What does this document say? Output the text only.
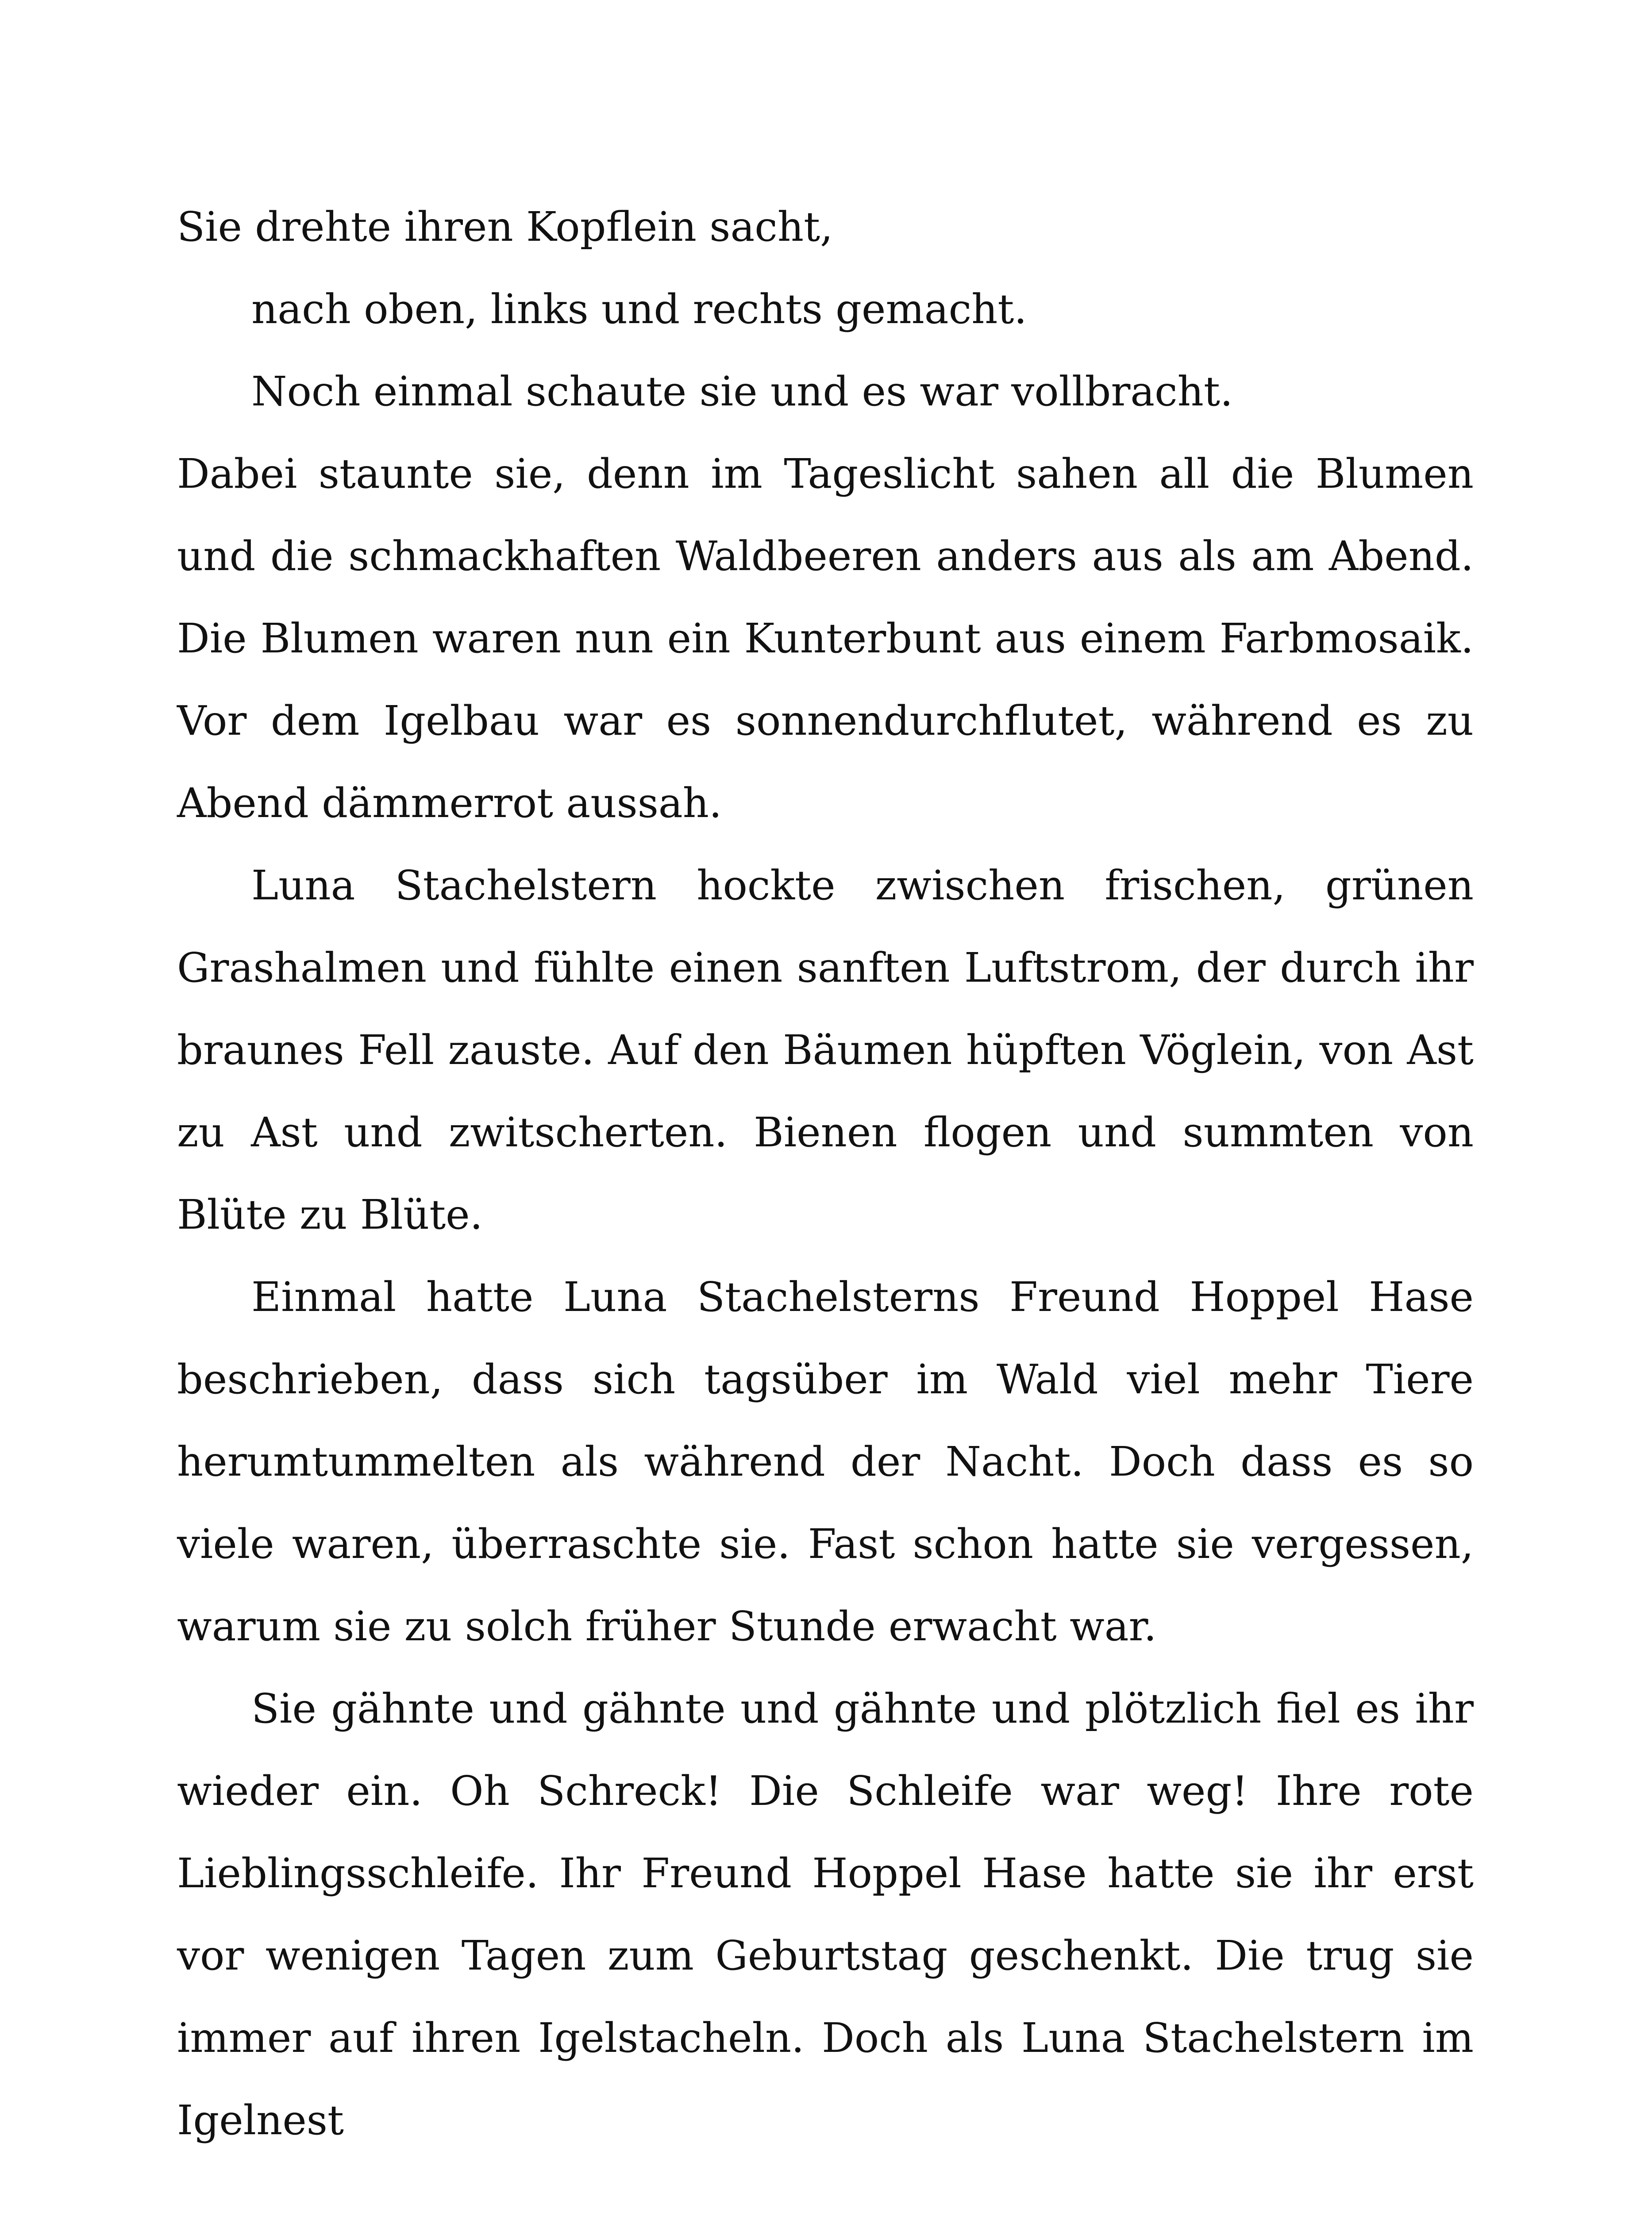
Sie drehte ihren Kopflein sacht,
nach oben, links und rechts gemacht.
Noch einmal schaute sie und es war vollbracht.

Dabei staunte sie, denn im Tageslicht sahen all die Blumen und die schmackhaften Waldbeeren anders aus als am Abend. Die Blumen waren nun ein Kunterbunt aus einem Farbmosaik. Vor dem Igelbau war es sonnendurchflutet, während es zu Abend dämmerrot aussah.

Luna Stachelstern hockte zwischen frischen, grünen Grashalmen und fühlte einen sanften Luftstrom, der durch ihr braunes Fell zauste. Auf den Bäumen hüpften Vöglein, von Ast zu Ast und zwitscherten. Bienen flogen und summten von Blüte zu Blüte.

Einmal hatte Luna Stachelsterns Freund Hoppel Hase beschrieben, dass sich tagsüber im Wald viel mehr Tiere herumtummelten als während der Nacht. Doch dass es so viele waren, überraschte sie. Fast schon hatte sie vergessen, warum sie zu solch früher Stunde erwacht war.

Sie gähnte und gähnte und gähnte und plötzlich fiel es ihr wieder ein. Oh Schreck! Die Schleife war weg! Ihre rote Lieblingsschleife. Ihr Freund Hoppel Hase hatte sie ihr erst vor wenigen Tagen zum Geburtstag geschenkt. Die trug sie immer auf ihren Igelstacheln. Doch als Luna Stachelstern im Igelnest
